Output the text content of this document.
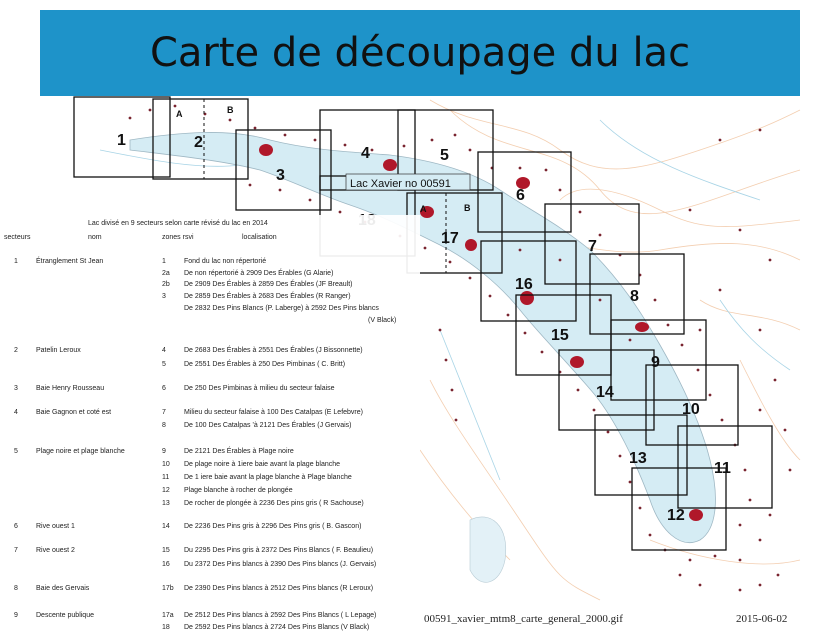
Carte de découpage du lac
A	B
A	B
1	2
3
4	5
6
7
8
9
10
11
12
13
14
15
16
17
Lac Xavier no 00591
Lac divisé en 9 secteurs selon carte révisé du lac en 2014
secteurs	nom	zones rsvi	localisation
1	Étranglement St Jean	1	Fond du lac non répertorié
2a De non répertorié à 2909 Des Érables (G Alarie)
2b De 2909 Des Érables à 2859 Des Érables (JF Breault)
3	De 2859 Des Érables à 2683 Des Érables (R Ranger)
De 2832 Des Pins Blancs (P. Laberge) à 2592 Des Pins blancs
(V Black)
2	Patelin Leroux	4	De 2683 Des Érables à 2551 Des Érables (J Bissonnette)
5	De 2551 Des Érables à 250 Des Pimbinas ( C. Britt)
3	Baie Henry Rousseau	6	De 250 Des Pimbinas à milieu du secteur falaise
4	Baie Gagnon et coté est	7	Milieu du secteur falaise à 100 Des Catalpas (E Lefebvre)
8	De 100 Des Catalpas 'à 2121 Des Érables (J Gervais)
5	Plage noire et plage blanche	9	De 2121 Des Érables à Plage noire
10 De plage noire à 1iere baie avant la plage blanche
11 De 1 iere baie avant la plage blanche à Plage blanche
12 Plage blanche à rocher de plongée
13 De rocher de plongée à 2236 Des pins gris ( R Sachouse)
6	Rive ouest 1	14 De 2236 Des Pins gris à 2296 Des Pins gris ( B. Gascon)
7	Rive ouest 2	15 Du 2295 Des Pins gris à 2372 Des Pins Blancs ( F. Beaulieu)
16 Du 2372 Des Pins blancs à 2390 Des Pins blancs (J. Gervais)
8	Baie des Gervais	17b De 2390 Des Pins blancs à 2512 Des Pins blancs (R Leroux)
9	Descente publique	17a De 2512 Des Pins blancs à 2592 Des Pins Blancs ( L Lepage)
18 De 2592 Des Pins blancs à 2724 Des Pins Blancs (V Black)
00591_xavier_mtm8_carte_general_2000.gif	2015-06-02
